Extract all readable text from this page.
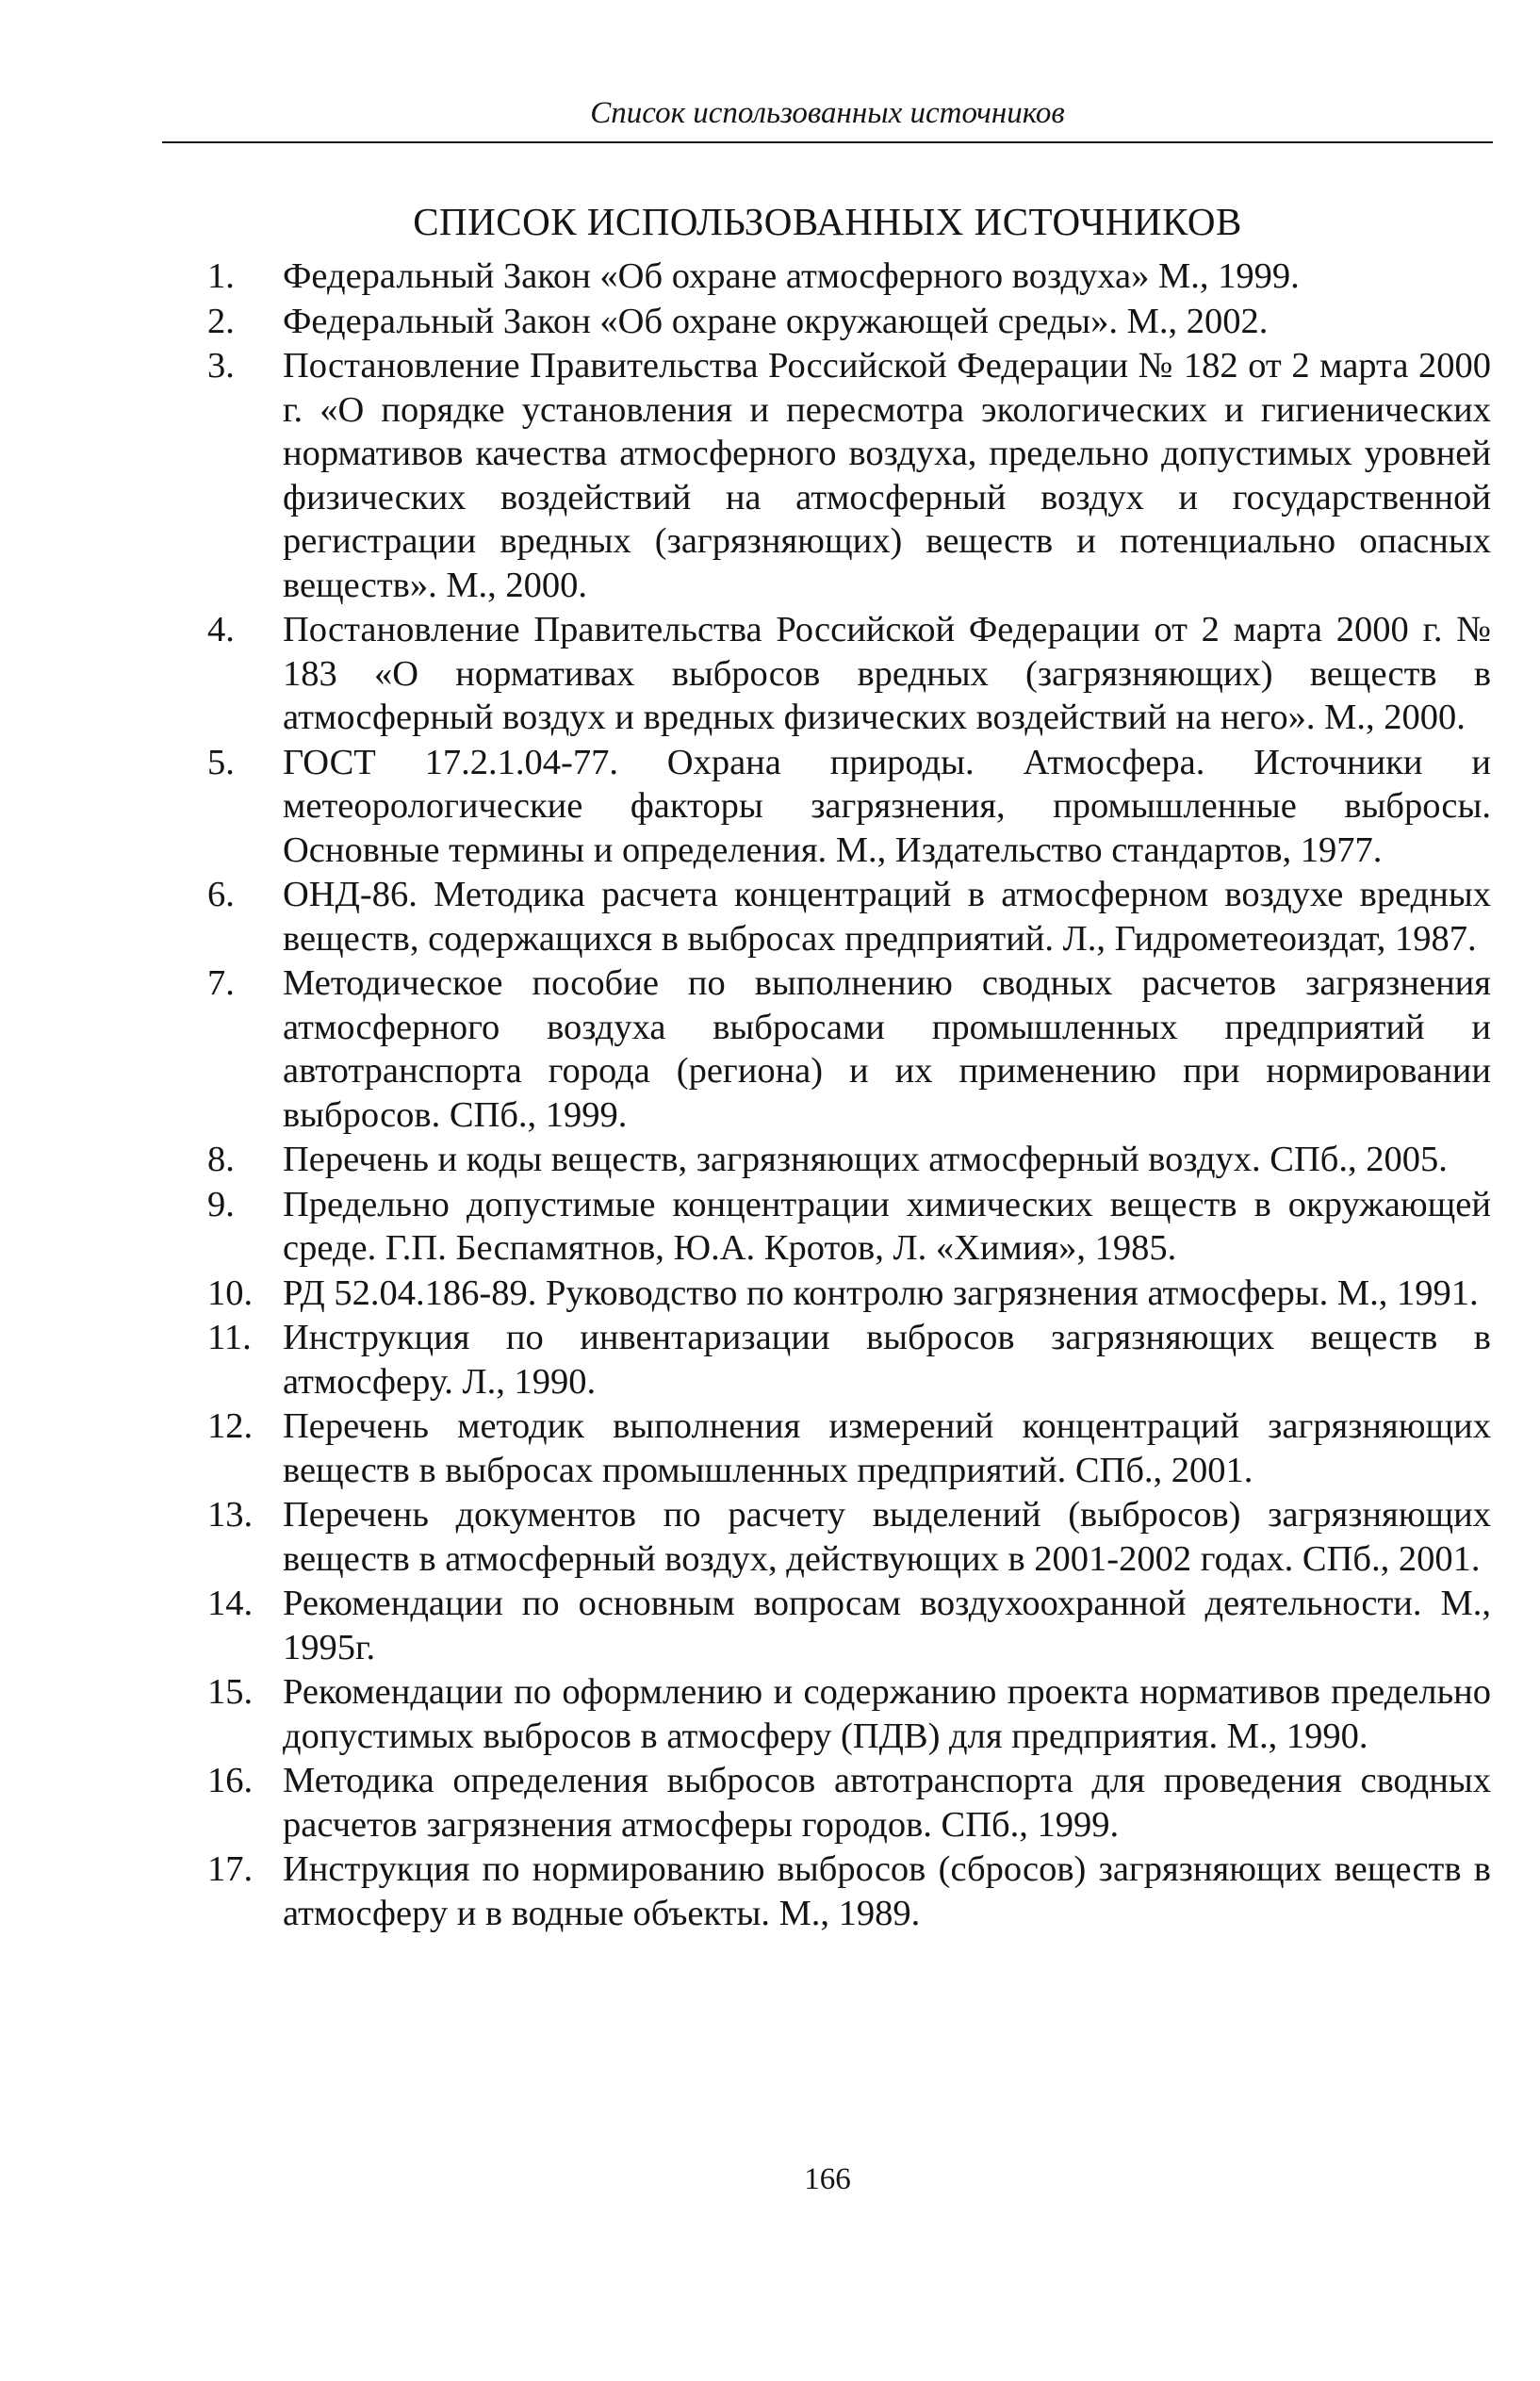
Список использованных источников
СПИСОК ИСПОЛЬЗОВАННЫХ ИСТОЧНИКОВ
1.	Федеральный Закон «Об охране атмосферного воздуха» М., 1999.
2.	Федеральный Закон «Об охране окружающей среды». М., 2002.
3.	Постановление Правительства Российской Федерации № 182 от 2 марта 2000 г. «О порядке установления и пересмотра экологических и гигиенических нормативов качества атмосферного воздуха, предельно допустимых уровней физических воздействий на атмосферный воздух и государственной регистрации вредных (загрязняющих) веществ и потенциально опасных веществ». М., 2000.
4.	Постановление Правительства Российской Федерации от 2 марта 2000 г. № 183 «О нормативах выбросов вредных (загрязняющих) веществ в атмосферный воздух и вредных физических воздействий на него». М., 2000.
5.	ГОСТ 17.2.1.04-77. Охрана природы. Атмосфера. Источники и метеорологические факторы загрязнения, промышленные выбросы. Основные термины и определения. М., Издательство стандартов, 1977.
6.	ОНД-86. Методика расчета концентраций в атмосферном воздухе вредных веществ, содержащихся в выбросах предприятий. Л., Гидрометеоиздат, 1987.
7.	Методическое пособие по выполнению сводных расчетов загрязнения атмосферного воздуха выбросами промышленных предприятий и автотранспорта города (региона) и их применению при нормировании выбросов. СПб., 1999.
8.	Перечень и коды веществ, загрязняющих атмосферный воздух. СПб., 2005.
9.	Предельно допустимые концентрации химических веществ в окружающей среде. Г.П. Беспамятнов, Ю.А. Кротов, Л. «Химия», 1985.
10. РД 52.04.186-89. Руководство по контролю загрязнения атмосферы. М., 1991.
11. Инструкция по инвентаризации выбросов загрязняющих веществ в атмосферу. Л., 1990.
12. Перечень методик выполнения измерений концентраций загрязняющих веществ в выбросах промышленных предприятий. СПб., 2001.
13. Перечень документов по расчету выделений (выбросов) загрязняющих веществ в атмосферный воздух, действующих в 2001-2002 годах. СПб., 2001.
14. Рекомендации по основным вопросам воздухоохранной деятельности. М., 1995г.
15. Рекомендации по оформлению и содержанию проекта нормативов предельно допустимых выбросов в атмосферу (ПДВ) для предприятия. М., 1990.
16. Методика определения выбросов автотранспорта для проведения сводных расчетов загрязнения атмосферы городов. СПб., 1999.
17. Инструкция по нормированию выбросов (сбросов) загрязняющих веществ в атмосферу и в водные объекты. М., 1989.
166
